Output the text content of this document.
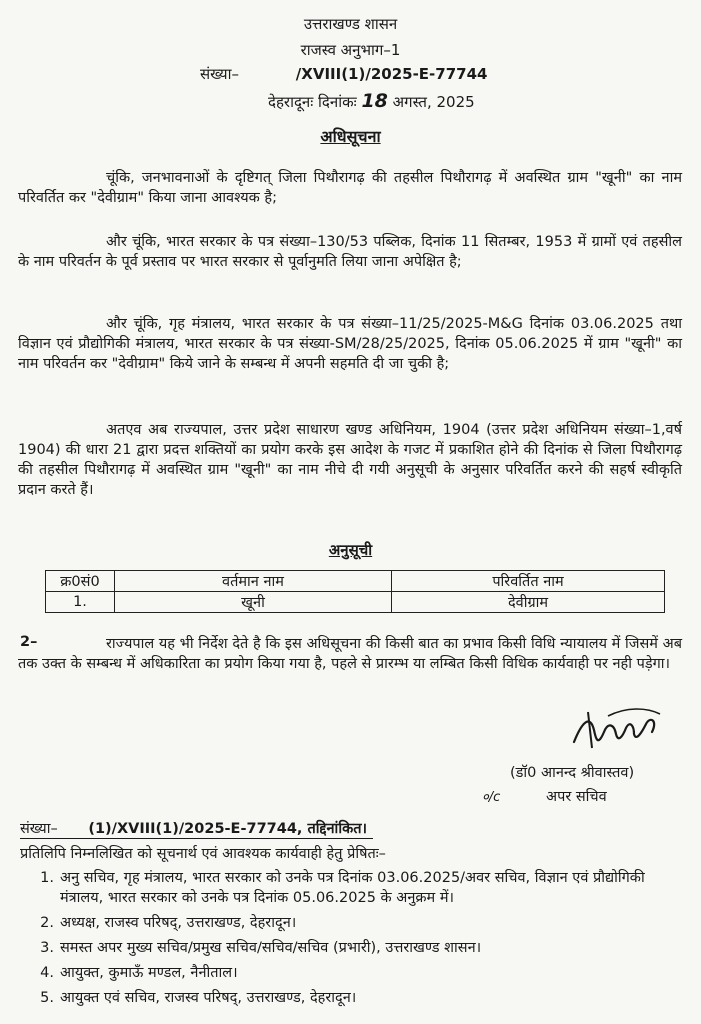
उत्तराखण्ड शासन
राजस्व अनुभाग–1
संख्या–	/XVIII(1)/2025-E-77744
देहरादूनः दिनांकः 18 अगस्त, 2025
अधिसूचना
चूंकि, जनभावनाओं के दृष्टिगत् जिला पिथौरागढ़ की तहसील पिथौरागढ़ में अवस्थित ग्राम "खूनी" का नाम परिवर्तित कर "देवीग्राम" किया जाना आवश्यक है;
और चूंकि, भारत सरकार के पत्र संख्या–130/53 पब्लिक, दिनांक 11 सितम्बर, 1953 में ग्रामों एवं तहसील के नाम परिवर्तन के पूर्व प्रस्ताव पर भारत सरकार से पूर्वानुमति लिया जाना अपेक्षित है;
और चूंकि, गृह मंत्रालय, भारत सरकार के पत्र संख्या–11/25/2025-M&G दिनांक 03.06.2025 तथा विज्ञान एवं प्रौद्योगिकी मंत्रालय, भारत सरकार के पत्र संख्या-SM/28/25/2025, दिनांक 05.06.2025 में ग्राम "खूनी" का नाम परिवर्तन कर "देवीग्राम" किये जाने के सम्बन्ध में अपनी सहमति दी जा चुकी है;
अतएव अब राज्यपाल, उत्तर प्रदेश साधारण खण्ड अधिनियम, 1904 (उत्तर प्रदेश अधिनियम संख्या–1,वर्ष 1904) की धारा 21 द्वारा प्रदत्त शक्तियों का प्रयोग करके इस आदेश के गजट में प्रकाशित होने की दिनांक से जिला पिथौरागढ़ की तहसील पिथौरागढ़ में अवस्थित ग्राम "खूनी" का नाम नीचे दी गयी अनुसूची के अनुसार परिवर्तित करने की सहर्ष स्वीकृति प्रदान करते हैं।
अनुसूची
क्र0सं0	वर्तमान नाम	परिवर्तित नाम
1.	खूनी	देवीग्राम
2–	राज्यपाल यह भी निर्देश देते है कि इस अधिसूचना की किसी बात का प्रभाव किसी विधि न्यायालय में जिसमें अब तक उक्त के सम्बन्ध में अधिकारिता का प्रयोग किया गया है, पहले से प्रारम्भ या लम्बित किसी विधिक कार्यवाही पर नही पड़ेगा।
(डॉ0 आनन्द श्रीवास्तव)
०/c	अपर सचिव
संख्या– (1)/XVIII(1)/2025-E-77744, तद्दिनांकित।
प्रतिलिपि निम्नलिखित को सूचनार्थ एवं आवश्यक कार्यवाही हेतु प्रेषितः–
1. अनु सचिव, गृह मंत्रालय, भारत सरकार को उनके पत्र दिनांक 03.06.2025/अवर सचिव, विज्ञान एवं प्रौद्योगिकी मंत्रालय, भारत सरकार को उनके पत्र दिनांक 05.06.2025 के अनुक्रम में।
2. अध्यक्ष, राजस्व परिषद्, उत्तराखण्ड, देहरादून।
3. समस्त अपर मुख्य सचिव/प्रमुख सचिव/सचिव/सचिव (प्रभारी), उत्तराखण्ड शासन।
4. आयुक्त, कुमाऊँ मण्डल, नैनीताल।
5. आयुक्त एवं सचिव, राजस्व परिषद्, उत्तराखण्ड, देहरादून।
